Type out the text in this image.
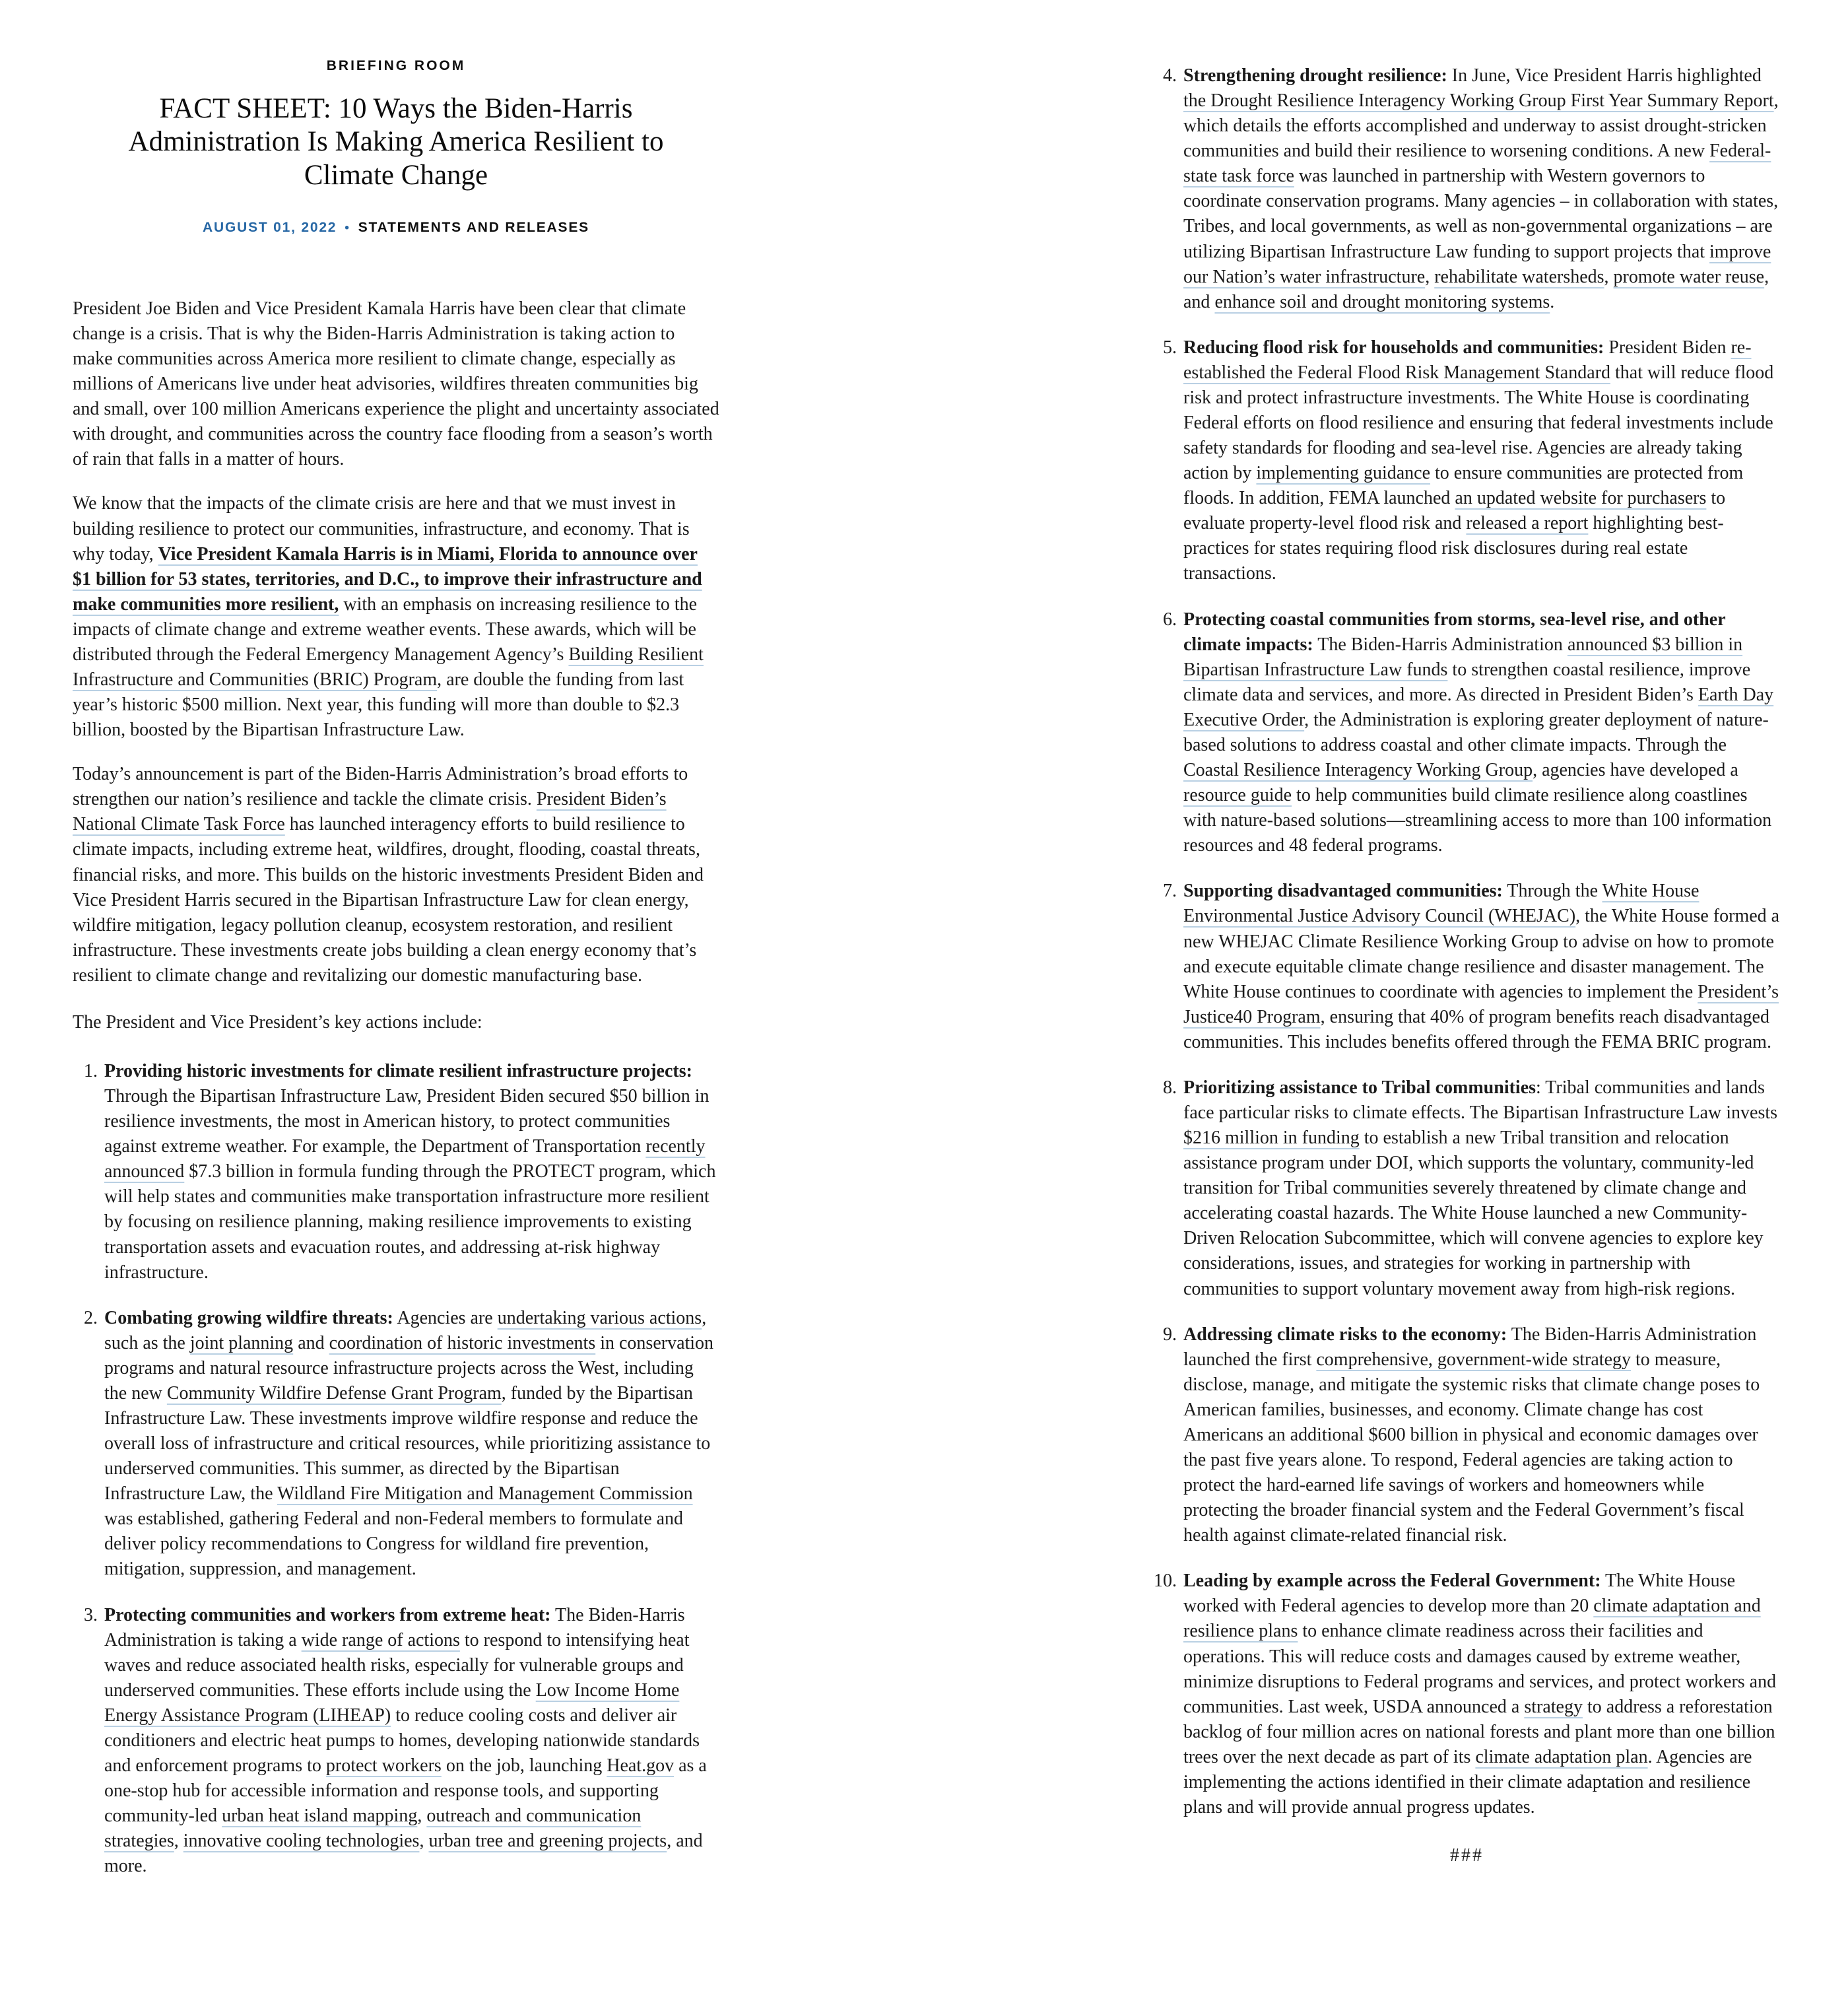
BRIEFING ROOM
FACT SHEET: 10 Ways the Biden-Harris Administration Is Making America Resilient to Climate Change
AUGUST 01, 2022 • STATEMENTS AND RELEASES

President Joe Biden and Vice President Kamala Harris have been clear that climate change is a crisis. That is why the Biden-Harris Administration is taking action to make communities across America more resilient to climate change, especially as millions of Americans live under heat advisories, wildfires threaten communities big and small, over 100 million Americans experience the plight and uncertainty associated with drought, and communities across the country face flooding from a season’s worth of rain that falls in a matter of hours.

We know that the impacts of the climate crisis are here and that we must invest in building resilience to protect our communities, infrastructure, and economy. That is why today, Vice President Kamala Harris is in Miami, Florida to announce over $1 billion for 53 states, territories, and D.C., to improve their infrastructure and make communities more resilient, with an emphasis on increasing resilience to the impacts of climate change and extreme weather events. These awards, which will be distributed through the Federal Emergency Management Agency’s Building Resilient Infrastructure and Communities (BRIC) Program, are double the funding from last year’s historic $500 million. Next year, this funding will more than double to $2.3 billion, boosted by the Bipartisan Infrastructure Law.

Today’s announcement is part of the Biden-Harris Administration’s broad efforts to strengthen our nation’s resilience and tackle the climate crisis. President Biden’s National Climate Task Force has launched interagency efforts to build resilience to climate impacts, including extreme heat, wildfires, drought, flooding, coastal threats, financial risks, and more. This builds on the historic investments President Biden and Vice President Harris secured in the Bipartisan Infrastructure Law for clean energy, wildfire mitigation, legacy pollution cleanup, ecosystem restoration, and resilient infrastructure. These investments create jobs building a clean energy economy that’s resilient to climate change and revitalizing our domestic manufacturing base.

The President and Vice President’s key actions include:

1. Providing historic investments for climate resilient infrastructure projects: Through the Bipartisan Infrastructure Law, President Biden secured $50 billion in resilience investments, the most in American history, to protect communities against extreme weather. For example, the Department of Transportation recently announced $7.3 billion in formula funding through the PROTECT program, which will help states and communities make transportation infrastructure more resilient by focusing on resilience planning, making resilience improvements to existing transportation assets and evacuation routes, and addressing at-risk highway infrastructure.
2. Combating growing wildfire threats: Agencies are undertaking various actions, such as the joint planning and coordination of historic investments in conservation programs and natural resource infrastructure projects across the West, including the new Community Wildfire Defense Grant Program, funded by the Bipartisan Infrastructure Law. These investments improve wildfire response and reduce the overall loss of infrastructure and critical resources, while prioritizing assistance to underserved communities. This summer, as directed by the Bipartisan Infrastructure Law, the Wildland Fire Mitigation and Management Commission was established, gathering Federal and non-Federal members to formulate and deliver policy recommendations to Congress for wildland fire prevention, mitigation, suppression, and management.
3. Protecting communities and workers from extreme heat: The Biden-Harris Administration is taking a wide range of actions to respond to intensifying heat waves and reduce associated health risks, especially for vulnerable groups and underserved communities. These efforts include using the Low Income Home Energy Assistance Program (LIHEAP) to reduce cooling costs and deliver air conditioners and electric heat pumps to homes, developing nationwide standards and enforcement programs to protect workers on the job, launching Heat.gov as a one-stop hub for accessible information and response tools, and supporting community-led urban heat island mapping, outreach and communication strategies, innovative cooling technologies, urban tree and greening projects, and more.
4. Strengthening drought resilience: In June, Vice President Harris highlighted the Drought Resilience Interagency Working Group First Year Summary Report, which details the efforts accomplished and underway to assist drought-stricken communities and build their resilience to worsening conditions. A new Federal-state task force was launched in partnership with Western governors to coordinate conservation programs. Many agencies – in collaboration with states, Tribes, and local governments, as well as non-governmental organizations – are utilizing Bipartisan Infrastructure Law funding to support projects that improve our Nation’s water infrastructure, rehabilitate watersheds, promote water reuse, and enhance soil and drought monitoring systems.
5. Reducing flood risk for households and communities: President Biden re-established the Federal Flood Risk Management Standard that will reduce flood risk and protect infrastructure investments. The White House is coordinating Federal efforts on flood resilience and ensuring that federal investments include safety standards for flooding and sea-level rise. Agencies are already taking action by implementing guidance to ensure communities are protected from floods. In addition, FEMA launched an updated website for purchasers to evaluate property-level flood risk and released a report highlighting best-practices for states requiring flood risk disclosures during real estate transactions.
6. Protecting coastal communities from storms, sea-level rise, and other climate impacts: The Biden-Harris Administration announced $3 billion in Bipartisan Infrastructure Law funds to strengthen coastal resilience, improve climate data and services, and more. As directed in President Biden’s Earth Day Executive Order, the Administration is exploring greater deployment of nature-based solutions to address coastal and other climate impacts. Through the Coastal Resilience Interagency Working Group, agencies have developed a resource guide to help communities build climate resilience along coastlines with nature-based solutions—streamlining access to more than 100 information resources and 48 federal programs.
7. Supporting disadvantaged communities: Through the White House Environmental Justice Advisory Council (WHEJAC), the White House formed a new WHEJAC Climate Resilience Working Group to advise on how to promote and execute equitable climate change resilience and disaster management. The White House continues to coordinate with agencies to implement the President’s Justice40 Program, ensuring that 40% of program benefits reach disadvantaged communities. This includes benefits offered through the FEMA BRIC program.
8. Prioritizing assistance to Tribal communities: Tribal communities and lands face particular risks to climate effects. The Bipartisan Infrastructure Law invests $216 million in funding to establish a new Tribal transition and relocation assistance program under DOI, which supports the voluntary, community-led transition for Tribal communities severely threatened by climate change and accelerating coastal hazards. The White House launched a new Community-Driven Relocation Subcommittee, which will convene agencies to explore key considerations, issues, and strategies for working in partnership with communities to support voluntary movement away from high-risk regions.
9. Addressing climate risks to the economy: The Biden-Harris Administration launched the first comprehensive, government-wide strategy to measure, disclose, manage, and mitigate the systemic risks that climate change poses to American families, businesses, and economy. Climate change has cost Americans an additional $600 billion in physical and economic damages over the past five years alone. To respond, Federal agencies are taking action to protect the hard-earned life savings of workers and homeowners while protecting the broader financial system and the Federal Government’s fiscal health against climate-related financial risk.
10. Leading by example across the Federal Government: The White House worked with Federal agencies to develop more than 20 climate adaptation and resilience plans to enhance climate readiness across their facilities and operations. This will reduce costs and damages caused by extreme weather, minimize disruptions to Federal programs and services, and protect workers and communities. Last week, USDA announced a strategy to address a reforestation backlog of four million acres on national forests and plant more than one billion trees over the next decade as part of its climate adaptation plan. Agencies are implementing the actions identified in their climate adaptation and resilience plans and will provide annual progress updates.
###
